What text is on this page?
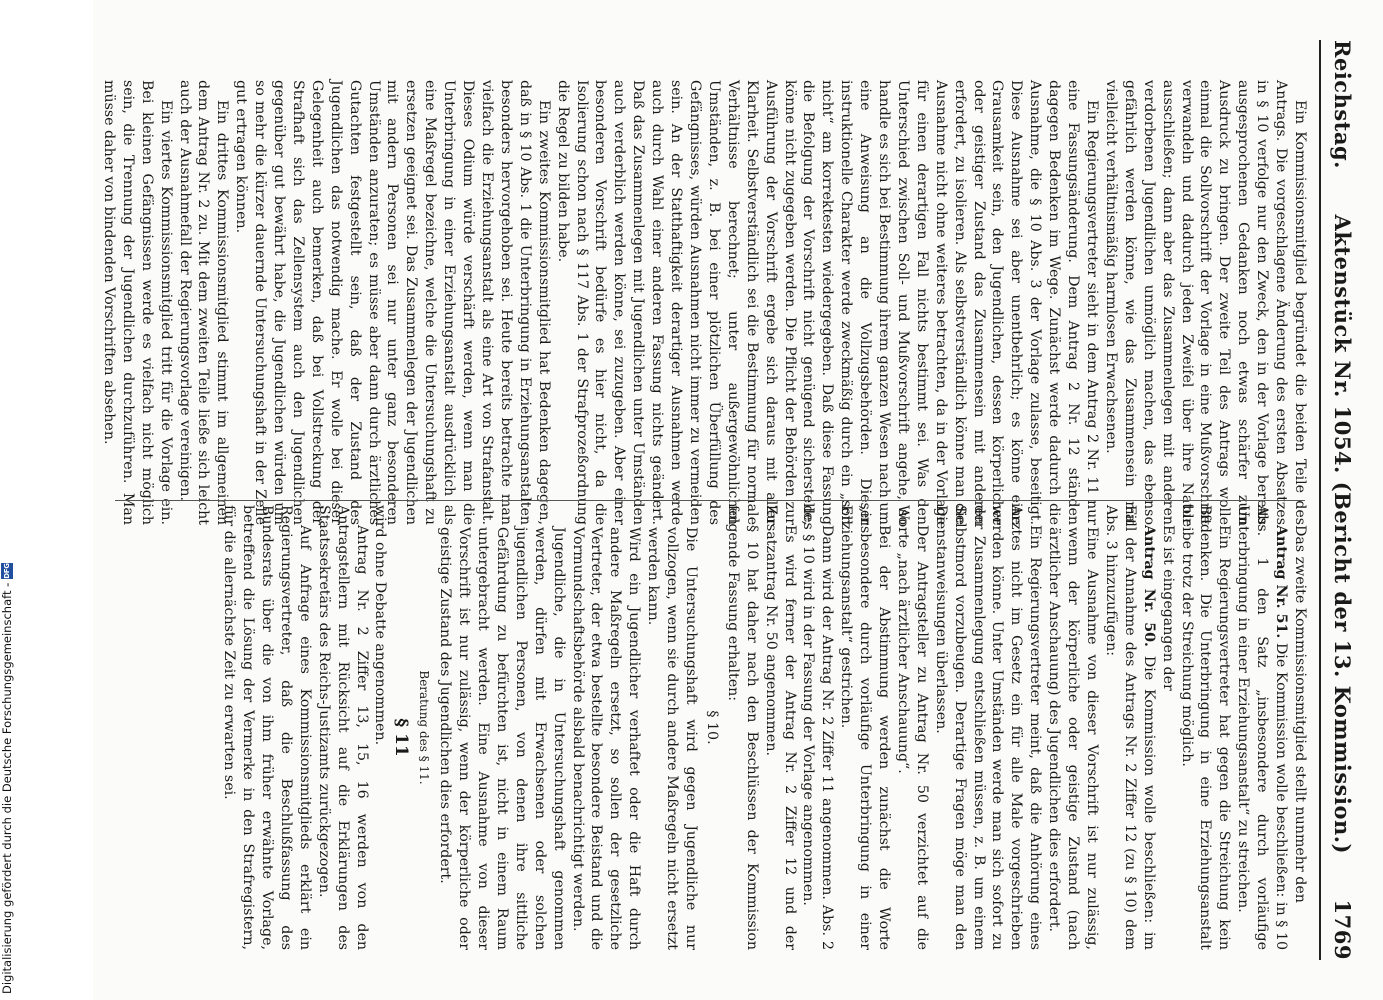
Reichstag.
Aktenstück Nr. 1054. (Bericht der 13. Kommission.)
1769

Ein Kommissionsmitglied begründet die beiden Teile des Antrags. Die vorgeschlagene Änderung des ersten Absatzes in § 10 verfolge nur den Zweck, den in der Vorlage bereits ausgesprochenen Gedanken noch etwas schärfer zum Ausdruck zu bringen. Der zweite Teil des Antrags wolle einmal die Sollvorschrift der Vorlage in eine Mußvorschrift verwandeln und dadurch jeden Zweifel über ihre Natur ausschließen; dann aber das Zusammenlegen mit anderen verdorbenen Jugendlichen unmöglich machen, das ebenso gefährlich werden könne, wie das Zusammensein mit vielleicht verhältnismäßig harmlosen Erwachsenen.

Ein Regierungsvertreter sieht in dem Antrag 2 Nr. 11 nur eine Fassungsänderung. Dem Antrag 2 Nr. 12 ständen dagegen Bedenken im Wege. Zunächst werde dadurch die Ausnahme, die § 10 Abs. 3 der Vorlage zulasse, beseitigt. Diese Ausnahme sei aber unentbehrlich; es könne eine Grausamkeit sein, den Jugendlichen, dessen körperlicher oder geistiger Zustand das Zusammensein mit anderen erfordert, zu isolieren. Als selbstverständlich könne man die Ausnahme nicht ohne weiteres betrachten, da in der Vorlage für einen derartigen Fall nichts bestimmt sei. Was den Unterschied zwischen Soll- und Mußvorschrift angehe, so handle es sich bei Bestimmung ihrem ganzen Wesen nach um eine Anweisung an die Vollzugsbehörden. Dieser instruktionelle Charakter werde zweckmäßig durch ein „soll nicht“ am korrektesten wiedergegeben. Daß diese Fassung die Befolgung der Vorschrift nicht genügend sicherstelle, könne nicht zugegeben werden. Die Pflicht der Behörden zur Ausführung der Vorschrift ergebe sich daraus mit aller Klarheit. Selbstverständlich sei die Bestimmung für normale Verhältnisse berechnet; unter außergewöhnlichen Umständen, z. B. bei einer plötzlichen Überfüllung des Gefängnisses, würden Ausnahmen nicht immer zu vermeiden sein. An der Statthaftigkeit derartiger Ausnahmen werde auch durch Wahl einer anderen Fassung nichts geändert. Daß das Zusammenlegen mit Jugendlichen unter Umständen auch verderblich werden könne, sei zuzugeben. Aber einer besonderen Vorschrift bedürfe es hier nicht, da die Isolierung schon nach § 117 Abs. 1 der Strafprozeßordnung die Regel zu bilden habe.

Ein zweites Kommissionsmitglied hat Bedenken dagegen, daß in § 10 Abs. 1 die Unterbringung in Erziehungsanstalten besonders hervorgehoben sei. Heute bereits betrachte man vielfach die Erziehungsanstalt als eine Art von Strafanstalt. Dieses Odium würde verschärft werden, wenn man die Unterbringung in einer Erziehungsanstalt ausdrücklich als eine Maßregel bezeichne, welche die Untersuchungshaft zu ersetzen geeignet sei. Das Zusammenlegen der Jugendlichen mit andern Personen sei nur unter ganz besonderen Umständen anzuraten; es müsse aber dann durch ärztliches Gutachten festgestellt sein, daß der Zustand des Jugendlichen das notwendig mache. Er wolle bei dieser Gelegenheit auch bemerken, daß bei Vollstreckung der Strafhaft sich das Zellensystem auch den Jugendlichen gegenüber gut bewährt habe, die Jugendlichen würden um so mehr die kürzer dauernde Untersuchungshaft in der Zelle gut ertragen können.

Ein drittes Kommissionsmitglied stimmt im allgemeinen dem Antrag Nr. 2 zu. Mit dem zweiten Teile ließe sich leicht auch der Ausnahmefall der Regierungsvorlage vereinigen.

Ein viertes Kommissionsmitglied tritt für die Vorlage ein. Bei kleinen Gefängnissen werde es vielfach nicht möglich sein, die Trennung der Jugendlichen durchzuführen. Man müsse daher von bindenden Vorschriften absehen.

Das zweite Kommissionsmitglied stellt nunmehr den

Antrag Nr. 51. Die Kommission wolle beschließen: in § 10 Abs. 1 den Satz „insbesondere durch vorläufige Unterbringung in einer Erziehungsanstalt“ zu streichen.

Ein Regierungsvertreter hat gegen die Streichung kein Bedenken. Die Unterbringung in eine Erziehungsanstalt bleibe trotz der Streichung möglich.

Es ist eingegangen der

Antrag Nr. 50. Die Kommission wolle beschließen: im Fall der Annahme des Antrags Nr. 2 Ziffer 12 (zu § 10) dem Abs. 3 hinzuzufügen:

Eine Ausnahme von dieser Vorschrift ist nur zulässig, wenn der körperliche oder geistige Zustand (nach ärztlicher Anschauung) des Jugendlichen dies erfordert.

Ein Regierungsvertreter meint, daß die Anhörung eines Arztes nicht im Gesetz ein für alle Male vorgeschrieben werden könne. Unter Umständen werde man sich sofort zu der Zusammenlegung entschließen müssen, z. B. um einem Selbstmord vorzubeugen. Derartige Fragen möge man den Dienstanweisungen überlassen.

Der Antragsteller zu Antrag Nr. 50 verzichtet auf die Worte „nach ärztlicher Anschauung“.

Bei der Abstimmung werden zunächst die Worte „insbesondere durch vorläufige Unterbringung in einer Erziehungsanstalt“ gestrichen.

Dann wird der Antrag Nr. 2 Ziffer 11 angenommen. Abs. 2 des § 10 wird in der Fassung der Vorlage angenommen.

Es wird ferner der Antrag Nr. 2 Ziffer 12 und der Zusatzantrag Nr. 50 angenommen.

§ 10 hat daher nach den Beschlüssen der Kommission folgende Fassung erhalten:

§ 10.

Die Untersuchungshaft wird gegen Jugendliche nur vollzogen, wenn sie durch andere Maßregeln nicht ersetzt werden kann.

Wird ein Jugendlicher verhaftet oder die Haft durch andere Maßregeln ersetzt, so sollen der gesetzliche Vertreter, der etwa bestellte besondere Beistand und die Vormundschaftsbehörde alsbald benachrichtigt werden.

Jugendliche, die in Untersuchungshaft genommen werden, dürfen mit Erwachsenen oder solchen jugendlichen Personen, von denen ihre sittliche Gefährdung zu befürchten ist, nicht in einem Raum untergebracht werden. Eine Ausnahme von dieser Vorschrift ist nur zulässig, wenn der körperliche oder geistige Zustand des Jugendlichen dies erfordert.

Beratung des § 11.

§ 11

wird ohne Debatte angenommen.

Antrag Nr. 2 Ziffer 13, 15, 16 werden von den Antragstellern mit Rücksicht auf die Erklärungen des Staatssekretärs des Reichs-Justizamts zurückgezogen.

Auf Anfrage eines Kommissionsmitglieds erklärt ein Regierungsvertreter, daß die Beschlußfassung des Bundesrats über die von ihm früher erwähnte Vorlage, betreffend die Lösung der Vermerke in den Strafregistern, für die allernächste Zeit zu erwarten sei.

Digitalisierung gefördert durch die Deutsche Forschungsgemeinschaft -
DFG
